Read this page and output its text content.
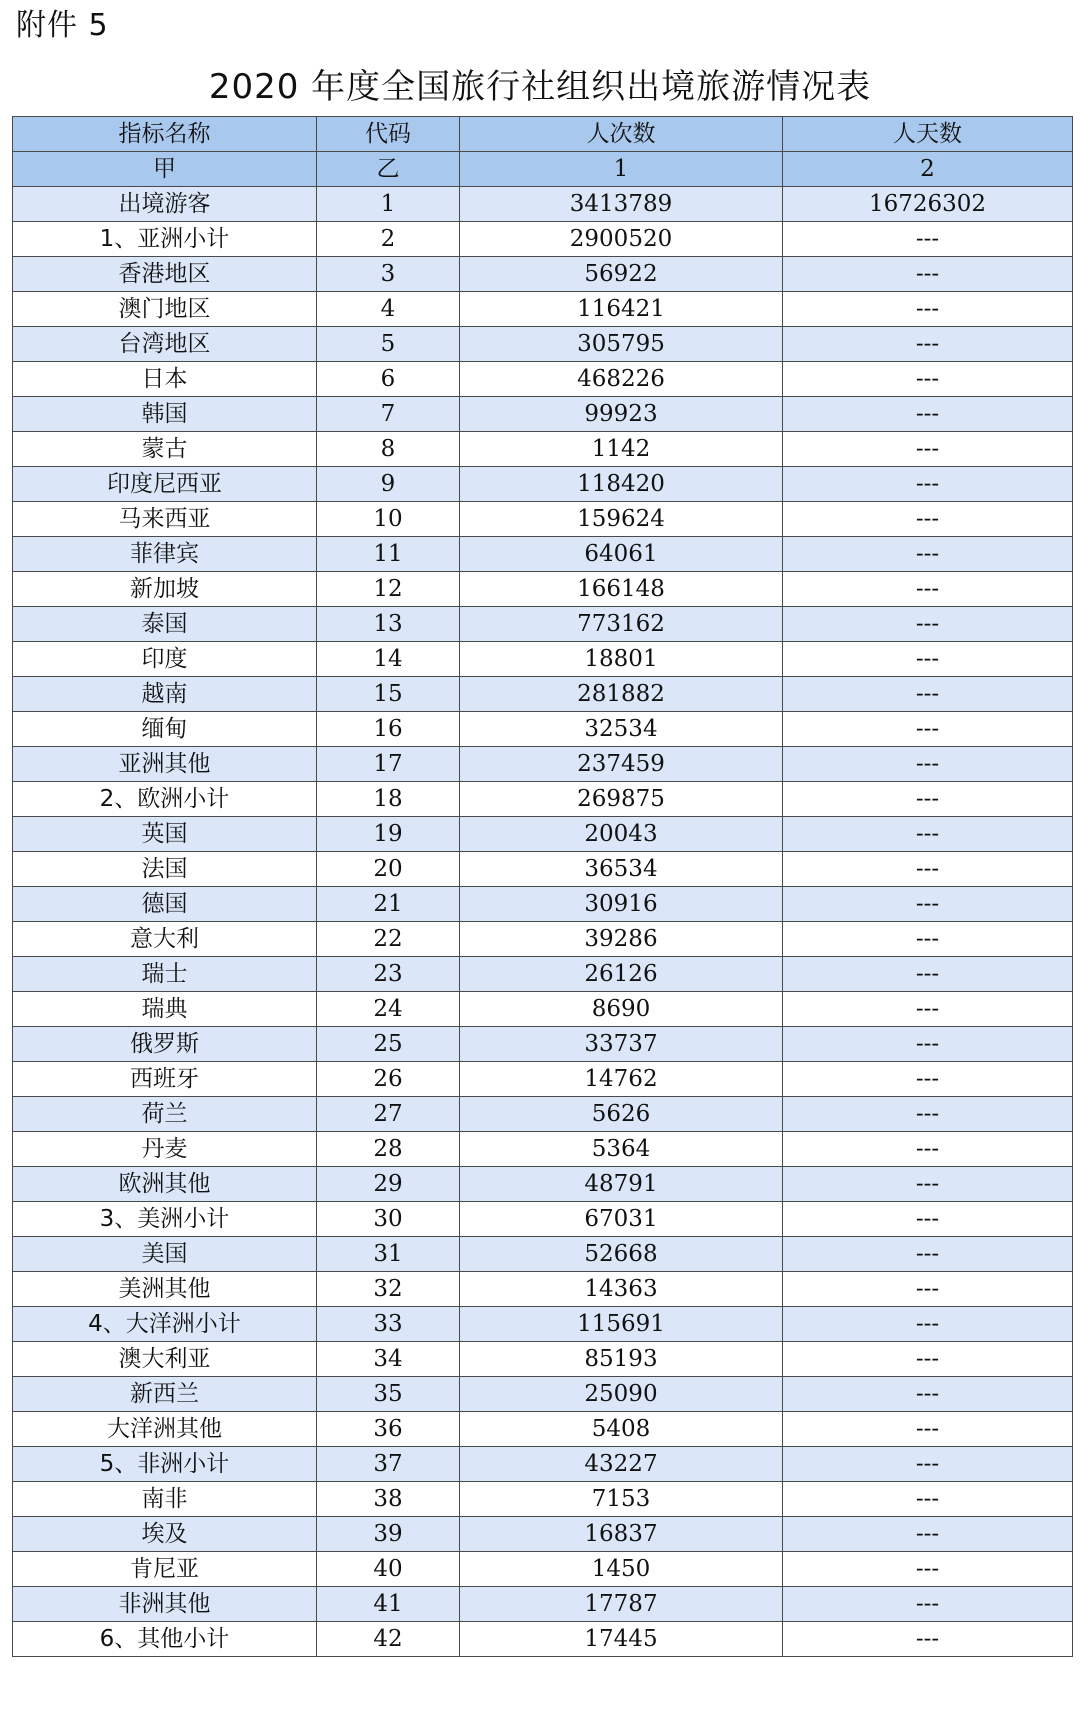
附件 5
2020 年度全国旅行社组织出境旅游情况表
指标名称	代码	人次数	人天数
甲	乙	1	2
出境游客	1	3413789	16726302
1、亚洲小计	2	2900520	---
香港地区	3	56922	---
澳门地区	4	116421	---
台湾地区	5	305795	---
日本	6	468226	---
韩国	7	99923	---
蒙古	8	1142	---
印度尼西亚	9	118420	---
马来西亚	10	159624	---
菲律宾	11	64061	---
新加坡	12	166148	---
泰国	13	773162	---
印度	14	18801	---
越南	15	281882	---
缅甸	16	32534	---
亚洲其他	17	237459	---
2、欧洲小计	18	269875	---
英国	19	20043	---
法国	20	36534	---
德国	21	30916	---
意大利	22	39286	---
瑞士	23	26126	---
瑞典	24	8690	---
俄罗斯	25	33737	---
西班牙	26	14762	---
荷兰	27	5626	---
丹麦	28	5364	---
欧洲其他	29	48791	---
3、美洲小计	30	67031	---
美国	31	52668	---
美洲其他	32	14363	---
4、大洋洲小计	33	115691	---
澳大利亚	34	85193	---
新西兰	35	25090	---
大洋洲其他	36	5408	---
5、非洲小计	37	43227	---
南非	38	7153	---
埃及	39	16837	---
肯尼亚	40	1450	---
非洲其他	41	17787	---
6、其他小计	42	17445	---
